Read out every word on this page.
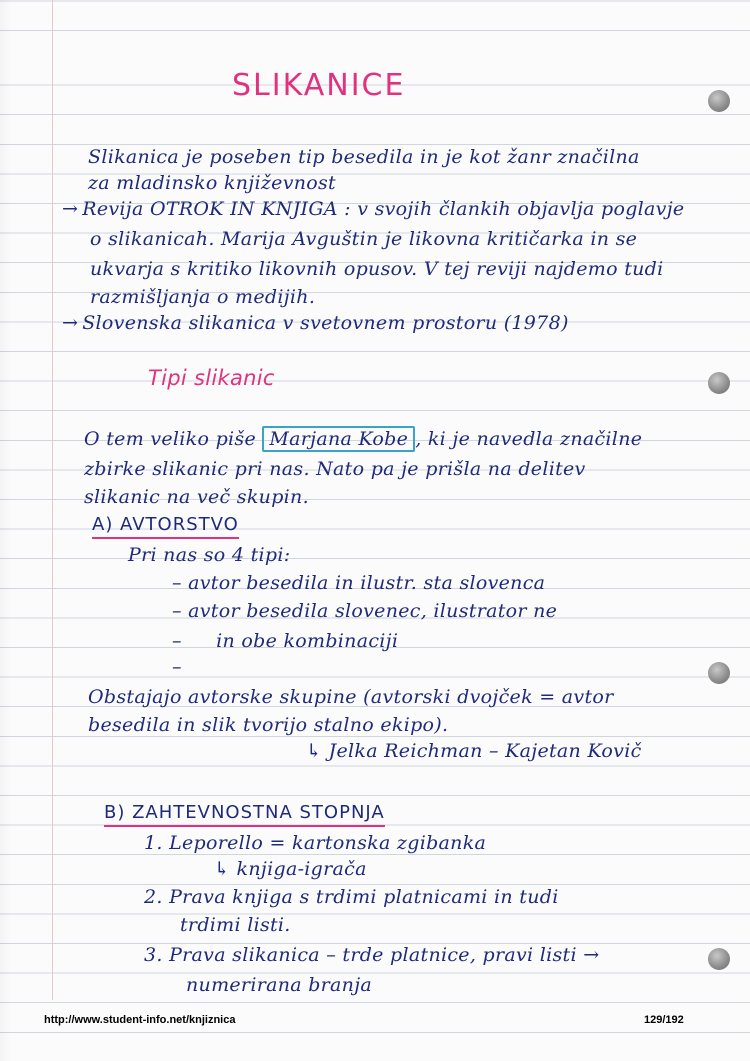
SLIKANICE
Slikanica je poseben tip besedila in je kot žanr značilna
za mladinsko književnost
→ Revija OTROK IN KNJIGA : v svojih člankih objavlja poglavje
o slikanicah. Marija Avguštin je likovna kritičarka in se
ukvarja s kritiko likovnih opusov. V tej reviji najdemo tudi
razmišljanja o medijih.
→ Slovenska slikanica v svetovnem prostoru (1978)
Tipi slikanic
O tem veliko piše Marjana Kobe , ki je navedla značilne
zbirke slikanic pri nas. Nato pa je prišla na delitev
slikanic na več skupin.
A) AVTORSTVO
Pri nas so 4 tipi:
– avtor besedila in ilustr. sta slovenca
– avtor besedila slovenec, ilustrator ne
– in obe kombinaciji
–
Obstajajo avtorske skupine (avtorski dvojček = avtor
besedila in slik tvorijo stalno ekipo).
↳ Jelka Reichman – Kajetan Kovič
B) ZAHTEVNOSTNA STOPNJA
1. Leporello = kartonska zgibanka
↳ knjiga-igrača
2. Prava knjiga s trdimi platnicami in tudi
trdimi listi.
3. Prava slikanica – trde platnice, pravi listi →
numerirana branja
http://www.student-info.net/knjiznica	129/192
